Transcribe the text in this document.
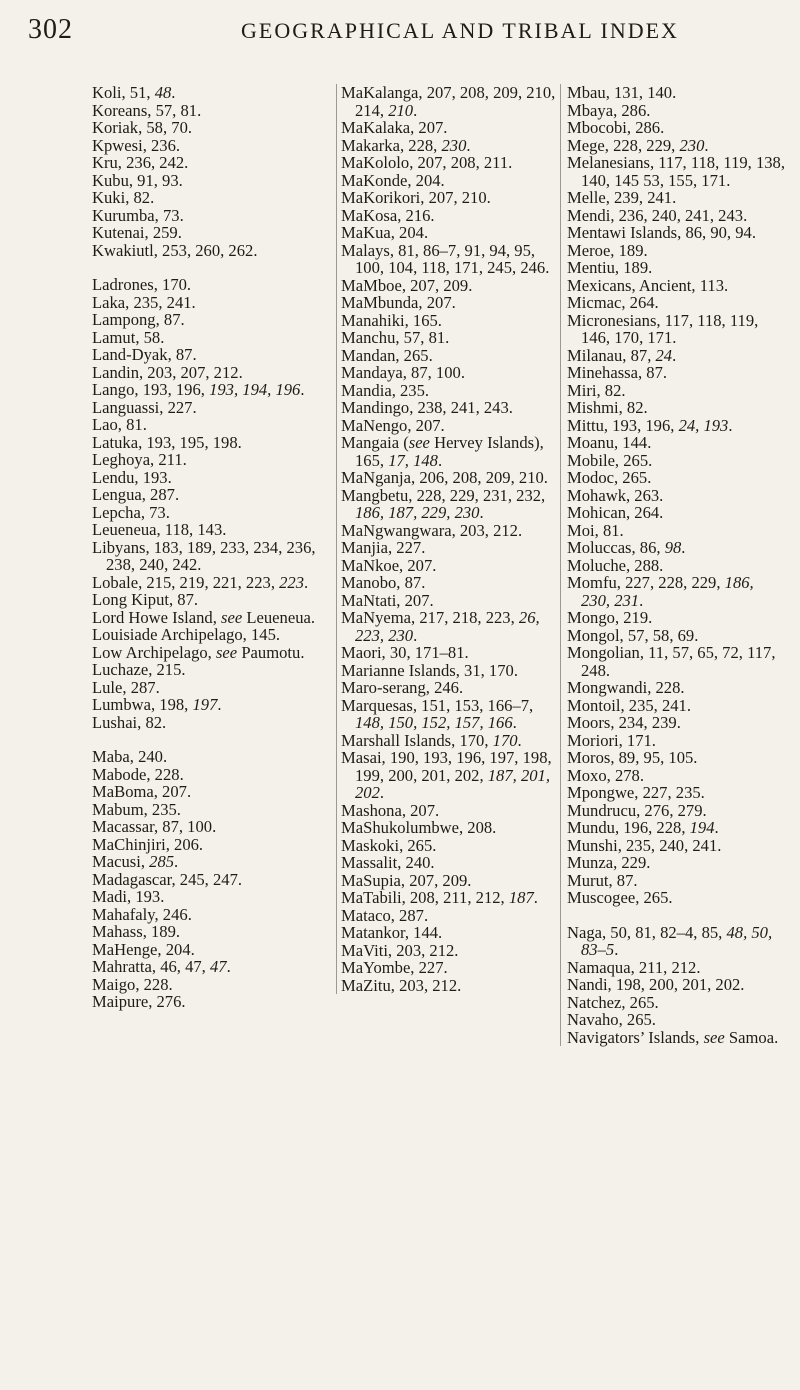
302	GEOGRAPHICAL AND TRIBAL INDEX
Koli, 51, 48.
Koreans, 57, 81.
Koriak, 58, 70.
Kpwesi, 236.
Kru, 236, 242.
Kubu, 91, 93.
Kuki, 82.
Kurumba, 73.
Kutenai, 259.
Kwakiutl, 253, 260, 262.
Ladrones, 170.
Laka, 235, 241.
Lampong, 87.
Lamut, 58.
Land-Dyak, 87.
Landin, 203, 207, 212.
Lango, 193, 196, 193, 194, 196.
Languassi, 227.
Lao, 81.
Latuka, 193, 195, 198.
Leghoya, 211.
Lendu, 193.
Lengua, 287.
Lepcha, 73.
Leueneua, 118, 143.
Libyans, 183, 189, 233, 234, 236, 238, 240, 242.
Lobale, 215, 219, 221, 223, 223.
Long Kiput, 87.
Lord Howe Island, see Leueneua.
Louisiade Archipelago, 145.
Low Archipelago, see Paumotu.
Luchaze, 215.
Lule, 287.
Lumbwa, 198, 197.
Lushai, 82.
Maba, 240.
Mabode, 228.
MaBoma, 207.
Mabum, 235.
Macassar, 87, 100.
MaChinjiri, 206.
Macusi, 285.
Madagascar, 245, 247.
Madi, 193.
Mahafaly, 246.
Mahass, 189.
MaHenge, 204.
Mahratta, 46, 47, 47.
Maigo, 228.
Maipure, 276.
MaKalanga, 207, 208, 209, 210, 214, 210.
MaKalaka, 207.
Makarka, 228, 230.
MaKololo, 207, 208, 211.
MaKonde, 204.
MaKorikori, 207, 210.
MaKosa, 216.
MaKua, 204.
Malays, 81, 86–7, 91, 94, 95, 100, 104, 118, 171, 245, 246.
MaMboe, 207, 209.
MaMbunda, 207.
Manahiki, 165.
Manchu, 57, 81.
Mandan, 265.
Mandaya, 87, 100.
Mandia, 235.
Mandingo, 238, 241, 243.
MaNengo, 207.
Mangaia (see Hervey Islands), 165, 17, 148.
MaNganja, 206, 208, 209, 210.
Mangbetu, 228, 229, 231, 232, 186, 187, 229, 230.
MaNgwangwara, 203, 212.
Manjia, 227.
MaNkoe, 207.
Manobo, 87.
MaNtati, 207.
MaNyema, 217, 218, 223, 26, 223, 230.
Maori, 30, 171–81.
Marianne Islands, 31, 170.
Maro-serang, 246.
Marquesas, 151, 153, 166–7, 148, 150, 152, 157, 166.
Marshall Islands, 170, 170.
Masai, 190, 193, 196, 197, 198, 199, 200, 201, 202, 187, 201, 202.
Mashona, 207.
MaShukolumbwe, 208.
Maskoki, 265.
Massalit, 240.
MaSupia, 207, 209.
MaTabili, 208, 211, 212, 187.
Mataco, 287.
Matankor, 144.
MaViti, 203, 212.
MaYombe, 227.
MaZitu, 203, 212.
Mbau, 131, 140.
Mbaya, 286.
Mbocobi, 286.
Mege, 228, 229, 230.
Melanesians, 117, 118, 119, 138, 140, 145 53, 155, 171.
Melle, 239, 241.
Mendi, 236, 240, 241, 243.
Mentawi Islands, 86, 90, 94.
Meroe, 189.
Mentiu, 189.
Mexicans, Ancient, 113.
Micmac, 264.
Micronesians, 117, 118, 119, 146, 170, 171.
Milanau, 87, 24.
Minehassa, 87.
Miri, 82.
Mishmi, 82.
Mittu, 193, 196, 24, 193.
Moanu, 144.
Mobile, 265.
Modoc, 265.
Mohawk, 263.
Mohican, 264.
Moi, 81.
Moluccas, 86, 98.
Moluche, 288.
Momfu, 227, 228, 229, 186, 230, 231.
Mongo, 219.
Mongol, 57, 58, 69.
Mongolian, 11, 57, 65, 72, 117, 248.
Mongwandi, 228.
Montoil, 235, 241.
Moors, 234, 239.
Moriori, 171.
Moros, 89, 95, 105.
Moxo, 278.
Mpongwe, 227, 235.
Mundrucu, 276, 279.
Mundu, 196, 228, 194.
Munshi, 235, 240, 241.
Munza, 229.
Murut, 87.
Muscogee, 265.
Naga, 50, 81, 82–4, 85, 48, 50, 83–5.
Namaqua, 211, 212.
Nandi, 198, 200, 201, 202.
Natchez, 265.
Navaho, 265.
Navigators’ Islands, see Samoa.
